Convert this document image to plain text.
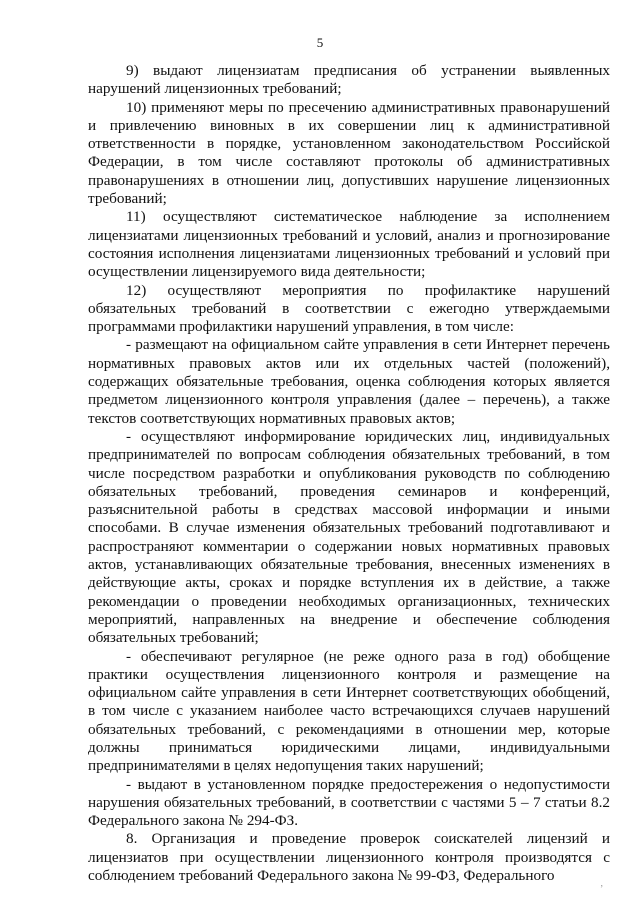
5

9) выдают лицензиатам предписания об устранении выявленных нарушений лицензионных требований;

10) применяют меры по пресечению административных правонарушений и привлечению виновных в их совершении лиц к административной ответственности в порядке, установленном законодательством Российской Федерации, в том числе составляют протоколы об административных правонарушениях в отношении лиц, допустивших нарушение лицензионных требований;

11) осуществляют систематическое наблюдение за исполнением лицензиатами лицензионных требований и условий, анализ и прогнозирование состояния исполнения лицензиатами лицензионных требований и условий при осуществлении лицензируемого вида деятельности;

12) осуществляют мероприятия по профилактике нарушений обязательных требований в соответствии с ежегодно утверждаемыми программами профилактики нарушений управления, в том числе:

- размещают на официальном сайте управления в сети Интернет перечень нормативных правовых актов или их отдельных частей (положений), содержащих обязательные требования, оценка соблюдения которых является предметом лицензионного контроля управления (далее – перечень), а также текстов соответствующих нормативных правовых актов;

- осуществляют информирование юридических лиц, индивидуальных предпринимателей по вопросам соблюдения обязательных требований, в том числе посредством разработки и опубликования руководств по соблюдению обязательных требований, проведения семинаров и конференций, разъяснительной работы в средствах массовой информации и иными способами. В случае изменения обязательных требований подготавливают и распространяют комментарии о содержании новых нормативных правовых актов, устанавливающих обязательные требования, внесенных изменениях в действующие акты, сроках и порядке вступления их в действие, а также рекомендации о проведении необходимых организационных, технических мероприятий, направленных на внедрение и обеспечение соблюдения обязательных требований;

- обеспечивают регулярное (не реже одного раза в год) обобщение практики осуществления лицензионного контроля и размещение на официальном сайте управления в сети Интернет соответствующих обобщений, в том числе с указанием наиболее часто встречающихся случаев нарушений обязательных требований, с рекомендациями в отношении мер, которые должны приниматься юридическими лицами, индивидуальными предпринимателями в целях недопущения таких нарушений;

- выдают в установленном порядке предостережения о недопустимости нарушения обязательных требований, в соответствии с частями 5 – 7 статьи 8.2 Федерального закона № 294-ФЗ.

8. Организация и проведение проверок соискателей лицензий и лицензиатов при осуществлении лицензионного контроля производятся с соблюдением требований Федерального закона № 99-ФЗ, Федерального

ʼ
